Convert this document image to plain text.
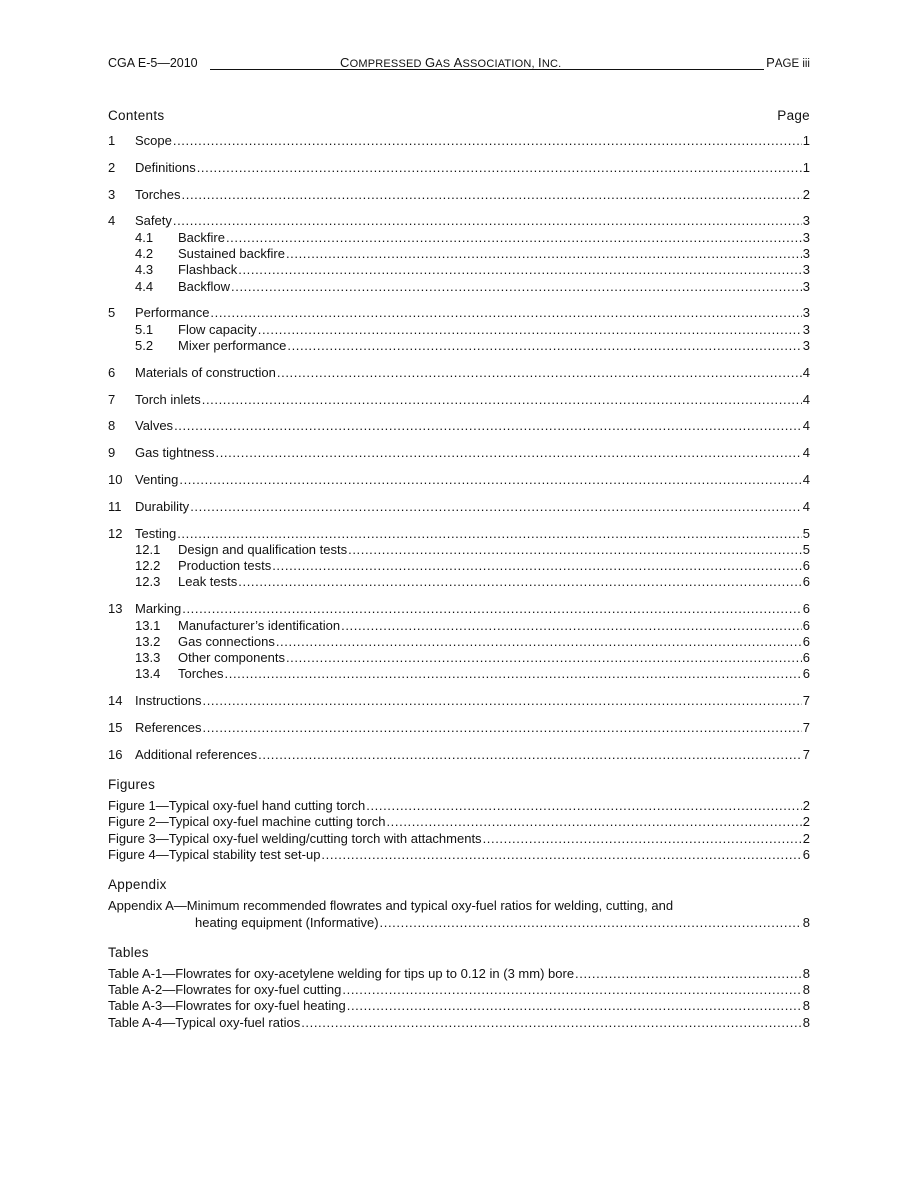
CGA E-5—2010	COMPRESSED GAS ASSOCIATION, INC.	PAGE iii
Contents	Page
1	Scope .....	1
2	Definitions .....	1
3	Torches .....	2
4	Safety .....	3
4.1	Backfire .....	3
4.2	Sustained backfire .....	3
4.3	Flashback .....	3
4.4	Backflow .....	3
5	Performance .....	3
5.1	Flow capacity .....	3
5.2	Mixer performance .....	3
6	Materials of construction .....	4
7	Torch inlets .....	4
8	Valves .....	4
9	Gas tightness .....	4
10 Venting .....	4
11	Durability .....	4
12 Testing .....	5
12.1	Design and qualification tests .....	5
12.2	Production tests .....	6
12.3	Leak tests .....	6
13 Marking .....	6
13.1	Manufacturer’s identification .....	6
13.2	Gas connections .....	6
13.3	Other components .....	6
13.4	Torches .....	6
14 Instructions .....	7
15 References .....	7
16 Additional references .....	7
Figures
Figure 1—Typical oxy-fuel hand cutting torch .....	2
Figure 2—Typical oxy-fuel machine cutting torch .....	2
Figure 3—Typical oxy-fuel welding/cutting torch with attachments .....	2
Figure 4—Typical stability test set-up .....	6
Appendix
Appendix A—Minimum recommended flowrates and typical oxy-fuel ratios for welding, cutting, and
heating equipment (Informative) .....	8
Tables
Table A-1—Flowrates for oxy-acetylene welding for tips up to 0.12 in (3 mm) bore .....	8
Table A-2—Flowrates for oxy-fuel cutting .....	8
Table A-3—Flowrates for oxy-fuel heating .....	8
Table A-4—Typical oxy-fuel ratios .....	8
